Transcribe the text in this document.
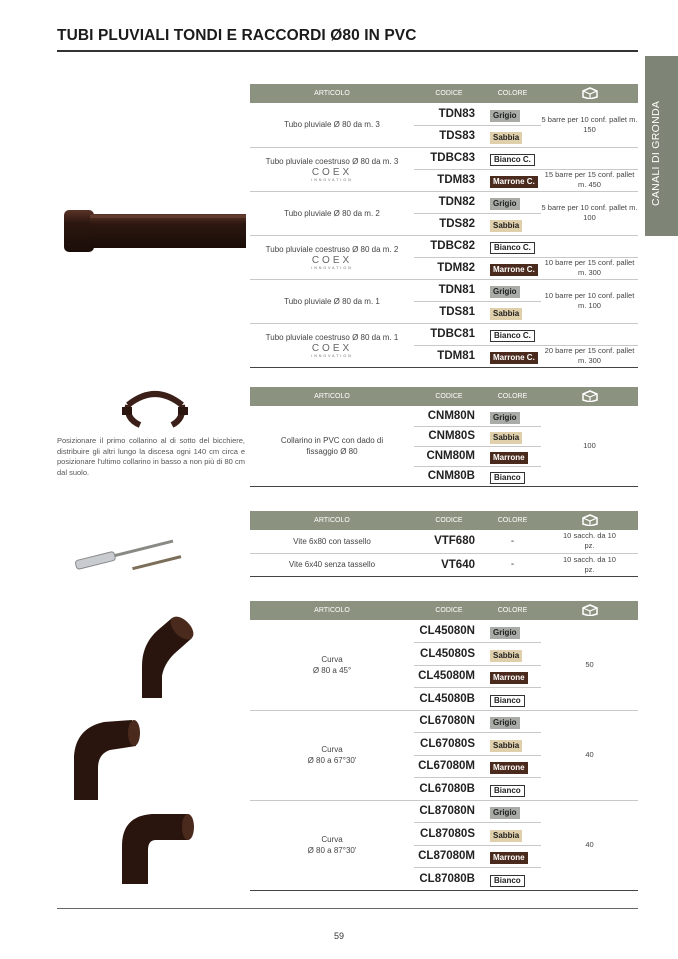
TUBI PLUVIALI TONDI E RACCORDI Ø80 IN PVC
CANALI DI GRONDA
Posizionare il primo collarino al di sotto del bicchiere, distribuire gli altri lungo la discesa ogni 140 cm circa e posizionare l'ultimo collarino in basso a non più di 80 cm dal suolo.
ARTICOLO	CODICE	COLORE	
Tubo pluviale Ø 80 da m. 3	TDN83	Grigio	5 barre per 10 conf. pallet m. 150
	TDS83	Sabbia	
Tubo pluviale coestruso Ø 80 da m. 3
COEX
INNOVATION	TDBC83	Bianco C.	
	TDM83	Marrone C.	15 barre per 15 conf. pallet m. 450
Tubo pluviale Ø 80 da m. 2	TDN82	Grigio	5 barre per 10 conf. pallet m. 100
	TDS82	Sabbia	
Tubo pluviale coestruso Ø 80 da m. 2
COEX
INNOVATION	TDBC82	Bianco C.	
	TDM82	Marrone C.	10 barre per 15 conf. pallet m. 300
Tubo pluviale Ø 80 da m. 1	TDN81	Grigio	10 barre per 10 conf. pallet m. 100
	TDS81	Sabbia	
Tubo pluviale coestruso Ø 80 da m. 1
COEX
INNOVATION	TDBC81	Bianco C.	
	TDM81	Marrone C.	20 barre per 15 conf. pallet m. 300
ARTICOLO	CODICE	COLORE	
Collarino in PVC con dado di fissaggio Ø 80	CNM80N	Grigio	100
	CNM80S	Sabbia	
	CNM80M	Marrone	
	CNM80B	Bianco	
ARTICOLO	CODICE	COLORE	
Vite 6x80 con tassello	VTF680	-	10 sacch. da 10 pz.
Vite 6x40 senza tassello	VT640	-	10 sacch. da 10 pz.
ARTICOLO	CODICE	COLORE	

Curva
Ø 80 a 45°	CL45080N	Grigio	50
	CL45080S	Sabbia	
	CL45080M	Marrone	
	CL45080B	Bianco	

Curva
Ø 80 a 67°30'	CL67080N	Grigio	40
	CL67080S	Sabbia	
	CL67080M	Marrone	
	CL67080B	Bianco	

Curva
Ø 80 a 87°30'	CL87080N	Grigio	40
	CL87080S	Sabbia	
	CL87080M	Marrone	
	CL87080B	Bianco	
59
